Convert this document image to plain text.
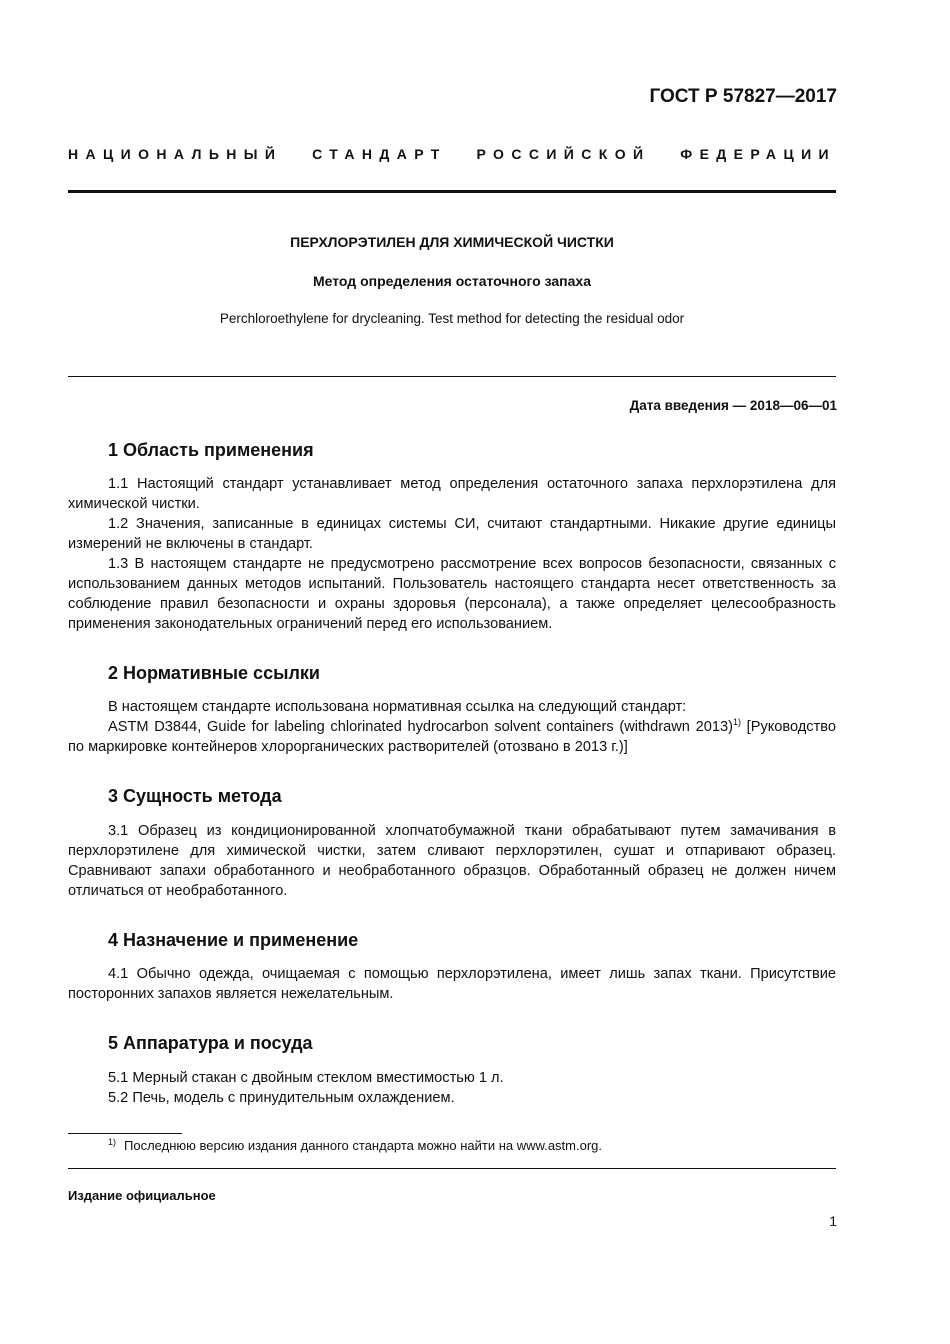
ГОСТ Р 57827—2017
НАЦИОНАЛЬНЫЙ СТАНДАРТ РОССИЙСКОЙ ФЕДЕРАЦИИ
ПЕРХЛОРЭТИЛЕН ДЛЯ ХИМИЧЕСКОЙ ЧИСТКИ
Метод определения остаточного запаха
Perchloroethylene for drycleaning. Test method for detecting the residual odor
Дата введения — 2018—06—01
1 Область применения

1.1 Настоящий стандарт устанавливает метод определения остаточного запаха перхлорэтилена для химической чистки.

1.2 Значения, записанные в единицах системы СИ, считают стандартными. Никакие другие единицы измерений не включены в стандарт.

1.3 В настоящем стандарте не предусмотрено рассмотрение всех вопросов безопасности, связанных с использованием данных методов испытаний. Пользователь настоящего стандарта несет ответственность за соблюдение правил безопасности и охраны здоровья (персонала), а также определяет целесообразность применения законодательных ограничений перед его использованием.

2 Нормативные ссылки

В настоящем стандарте использована нормативная ссылка на следующий стандарт:

ASTM D3844, Guide for labeling chlorinated hydrocarbon solvent containers (withdrawn 2013)$^{1)}$ [Руководство по маркировке контейнеров хлорорганических растворителей (отозвано в 2013 г.)]

3 Сущность метода

3.1 Образец из кондиционированной хлопчатобумажной ткани обрабатывают путем замачивания в перхлорэтилене для химической чистки, затем сливают перхлорэтилен, сушат и отпаривают образец. Сравнивают запахи обработанного и необработанного образцов. Обработанный образец не должен ничем отличаться от необработанного.

4 Назначение и применение

4.1 Обычно одежда, очищаемая с помощью перхлорэтилена, имеет лишь запах ткани. Присутствие посторонних запахов является нежелательным.

5 Аппаратура и посуда

5.1 Мерный стакан с двойным стеклом вместимостью 1 л.

5.2 Печь, модель с принудительным охлаждением.

$^{1)}$ Последнюю версию издания данного стандарта можно найти на www.astm.org.
Издание официальное
1
